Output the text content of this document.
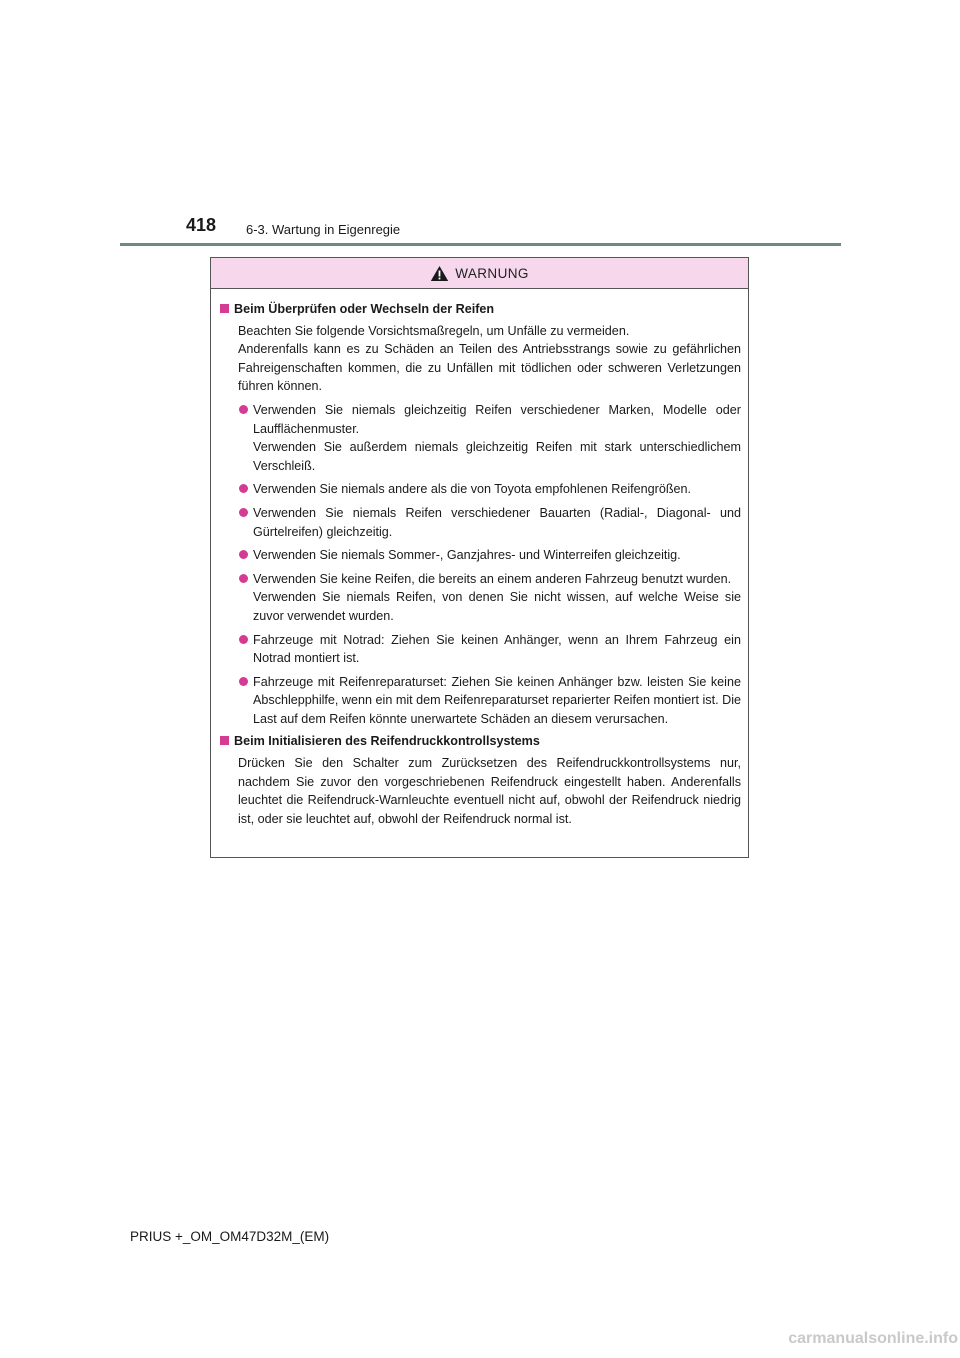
418 6-3. Wartung in Eigenregie
WARNUNG
Beim Überprüfen oder Wechseln der Reifen

Beachten Sie folgende Vorsichtsmaßregeln, um Unfälle zu vermeiden.

Anderenfalls kann es zu Schäden an Teilen des Antriebsstrangs sowie zu gefährlichen Fahreigenschaften kommen, die zu Unfällen mit tödlichen oder schweren Verletzungen führen können.

Verwenden Sie niemals gleichzeitig Reifen verschiedener Marken, Modelle oder Laufflächenmuster.

Verwenden Sie außerdem niemals gleichzeitig Reifen mit stark unterschiedlichem Verschleiß.

Verwenden Sie niemals andere als die von Toyota empfohlenen Reifengrößen.

Verwenden Sie niemals Reifen verschiedener Bauarten (Radial-, Diagonal- und Gürtelreifen) gleichzeitig.

Verwenden Sie niemals Sommer-, Ganzjahres- und Winterreifen gleichzeitig.

Verwenden Sie keine Reifen, die bereits an einem anderen Fahrzeug benutzt wurden.

Verwenden Sie niemals Reifen, von denen Sie nicht wissen, auf welche Weise sie zuvor verwendet wurden.

Fahrzeuge mit Notrad: Ziehen Sie keinen Anhänger, wenn an Ihrem Fahrzeug ein Notrad montiert ist.

Fahrzeuge mit Reifenreparaturset: Ziehen Sie keinen Anhänger bzw. leisten Sie keine Abschlepphilfe, wenn ein mit dem Reifenreparaturset reparierter Reifen montiert ist. Die Last auf dem Reifen könnte unerwartete Schäden an diesem verursachen.

Beim Initialisieren des Reifendruckkontrollsystems

Drücken Sie den Schalter zum Zurücksetzen des Reifendruckkontrollsystems nur, nachdem Sie zuvor den vorgeschriebenen Reifendruck eingestellt haben. Anderenfalls leuchtet die Reifendruck-Warnleuchte eventuell nicht auf, obwohl der Reifendruck niedrig ist, oder sie leuchtet auf, obwohl der Reifendruck normal ist.

PRIUS +_OM_OM47D32M_(EM)
carmanualsonline.info
